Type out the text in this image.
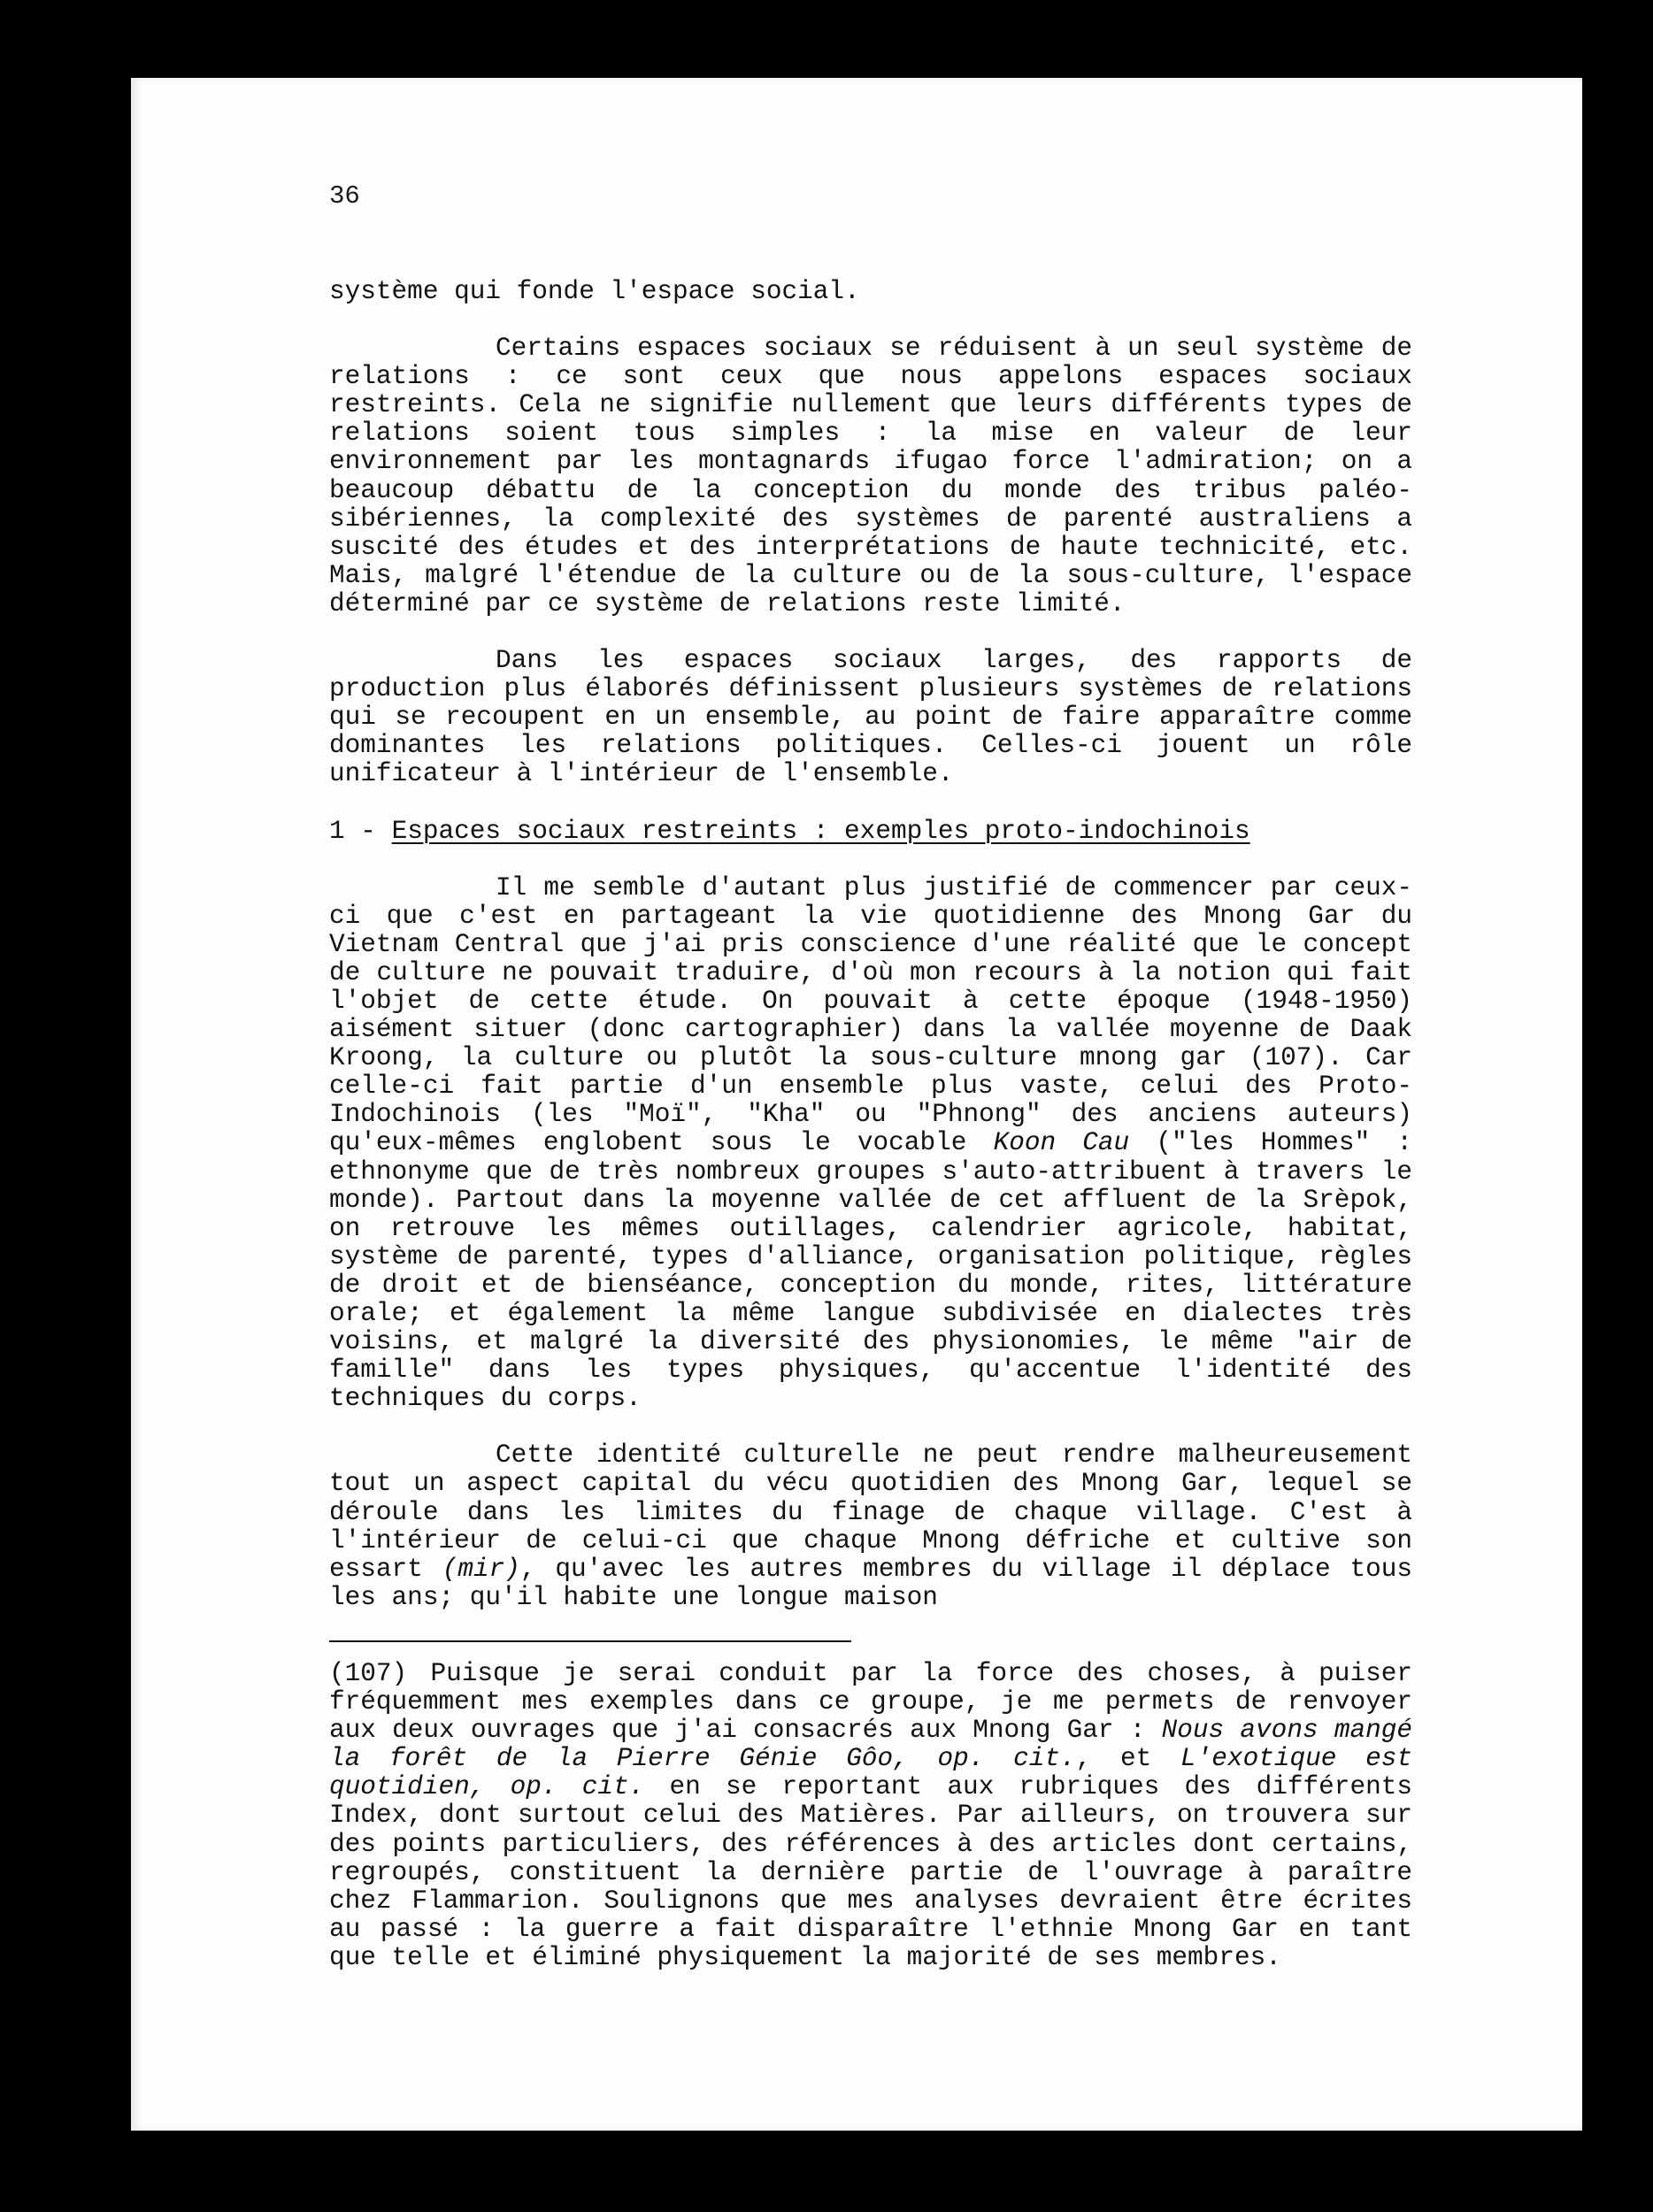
36

système qui fonde l'espace social.

Certains espaces sociaux se réduisent à un seul système de relations : ce sont ceux que nous appelons espaces sociaux restreints. Cela ne signifie nullement que leurs différents types de relations soient tous simples : la mise en valeur de leur environnement par les montagnards ifugao force l'admiration; on a beaucoup débattu de la conception du monde des tribus paléo-sibériennes, la complexité des systèmes de parenté australiens a suscité des études et des interprétations de haute technicité, etc. Mais, malgré l'étendue de la culture ou de la sous-culture, l'espace déterminé par ce système de relations reste limité.

Dans les espaces sociaux larges, des rapports de production plus élaborés définissent plusieurs systèmes de relations qui se recoupent en un ensemble, au point de faire apparaître comme dominantes les relations politiques. Celles-ci jouent un rôle unificateur à l'intérieur de l'ensemble.

1 - Espaces sociaux restreints : exemples proto-indochinois

Il me semble d'autant plus justifié de commencer par ceux-ci que c'est en partageant la vie quotidienne des Mnong Gar du Vietnam Central que j'ai pris conscience d'une réalité que le concept de culture ne pouvait traduire, d'où mon recours à la notion qui fait l'objet de cette étude. On pouvait à cette époque (1948-1950) aisément situer (donc cartographier) dans la vallée moyenne de Daak Kroong, la culture ou plutôt la sous-culture mnong gar (107). Car celle-ci fait partie d'un ensemble plus vaste, celui des Proto-Indochinois (les "Moï", "Kha" ou "Phnong" des anciens auteurs) qu'eux-mêmes englobent sous le vocable Koon Cau ("les Hommes" : ethnonyme que de très nombreux groupes s'auto-attribuent à travers le monde). Partout dans la moyenne vallée de cet affluent de la Srèpok, on retrouve les mêmes outillages, calendrier agricole, habitat, système de parenté, types d'alliance, organisation politique, règles de droit et de bienséance, conception du monde, rites, littérature orale; et également la même langue subdivisée en dialectes très voisins, et malgré la diversité des physionomies, le même "air de famille" dans les types physiques, qu'accentue l'identité des techniques du corps.

Cette identité culturelle ne peut rendre malheureusement tout un aspect capital du vécu quotidien des Mnong Gar, lequel se déroule dans les limites du finage de chaque village. C'est à l'intérieur de celui-ci que chaque Mnong défriche et cultive son essart (mir), qu'avec les autres membres du village il déplace tous les ans; qu'il habite une longue maison

(107) Puisque je serai conduit par la force des choses, à puiser fréquemment mes exemples dans ce groupe, je me permets de renvoyer aux deux ouvrages que j'ai consacrés aux Mnong Gar : Nous avons mangé la forêt de la Pierre Génie Gôo, op. cit., et L'exotique est quotidien, op. cit. en se reportant aux rubriques des différents Index, dont surtout celui des Matières. Par ailleurs, on trouvera sur des points particuliers, des références à des articles dont certains, regroupés, constituent la dernière partie de l'ouvrage à paraître chez Flammarion. Soulignons que mes analyses devraient être écrites au passé : la guerre a fait disparaître l'ethnie Mnong Gar en tant que telle et éliminé physiquement la majorité de ses membres.
